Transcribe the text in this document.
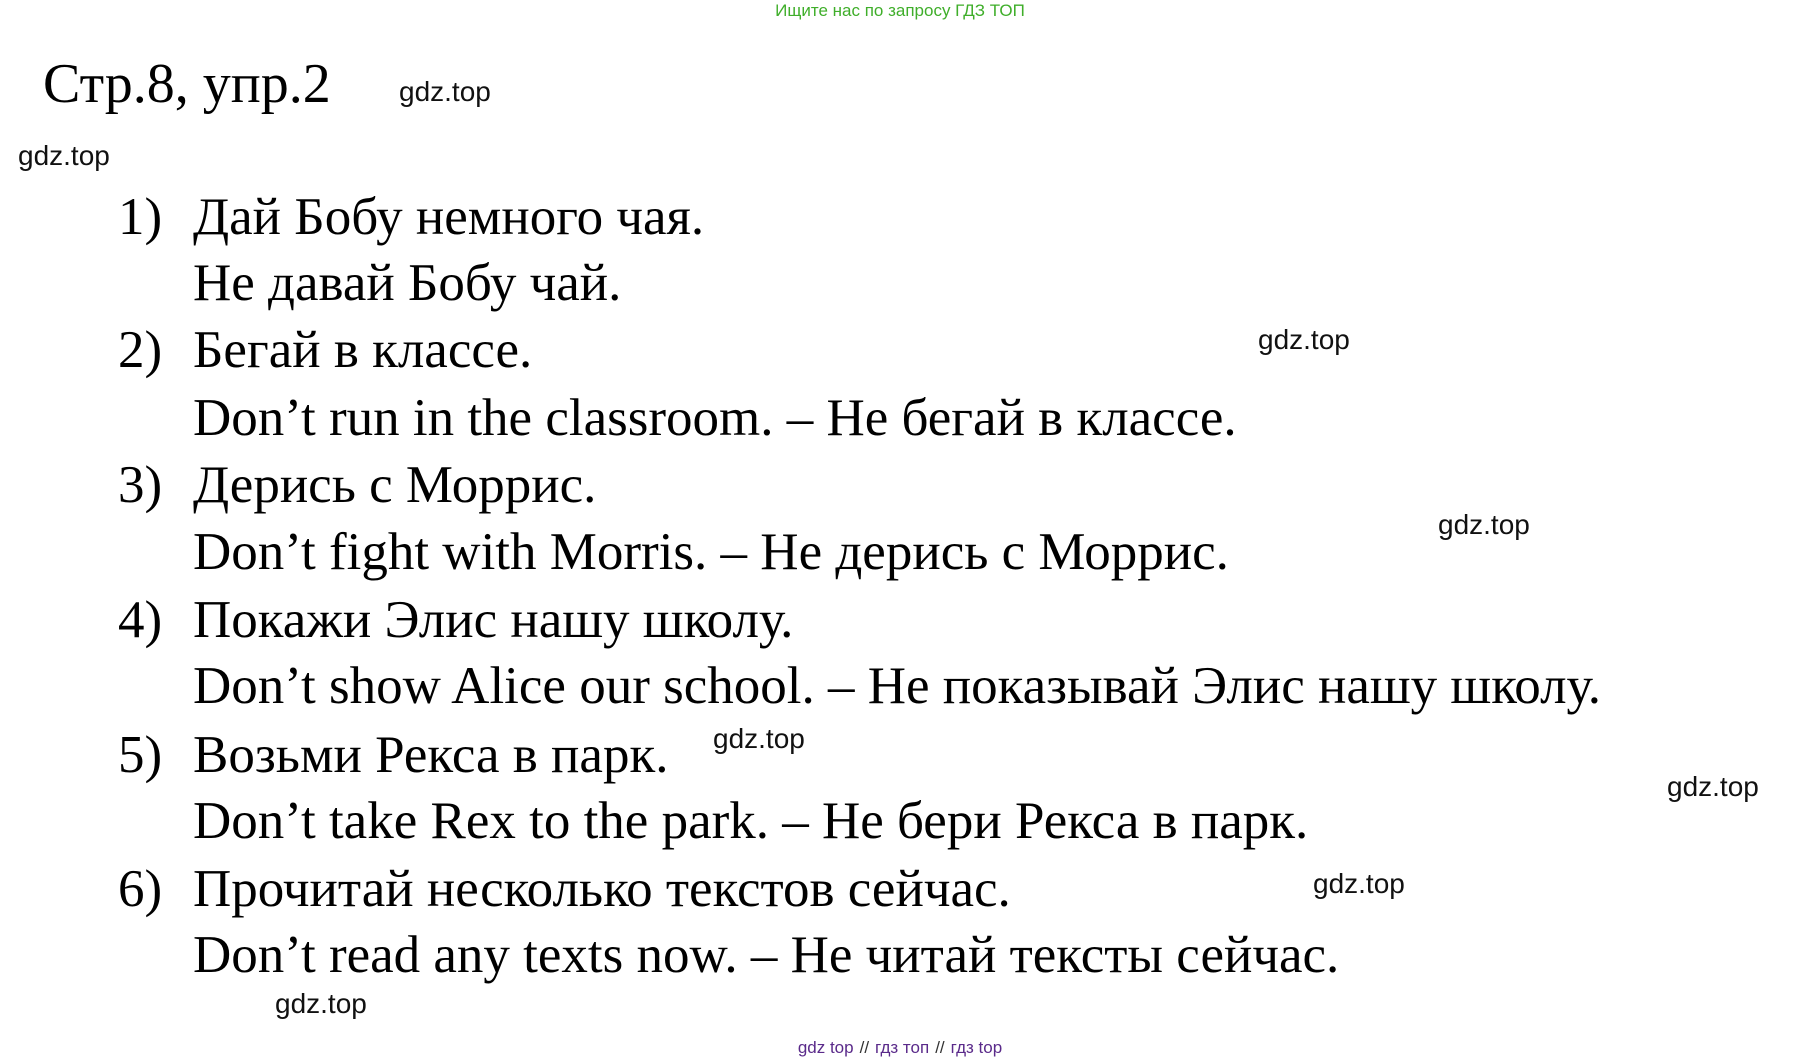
Ищите нас по запросу ГДЗ ТОП
Стр.8, упр.2 gdz.top
gdz.top
gdz.top
gdz.top
gdz.top
gdz.top
gdz.top
gdz.top
1) Дай Бобу немного чая.
Не давай Бобу чай.
2) Бегай в классе.
Don’t run in the classroom. – Не бегай в классе.
3) Дерись с Моррис.
Don’t fight with Morris. – Не дерись с Моррис.
4) Покажи Элис нашу школу.
Don’t show Alice our school. – Не показывай Элис нашу школу.
5) Возьми Рекса в парк.
Don’t take Rex to the park. – Не бери Рекса в парк.
6) Прочитай несколько текстов сейчас.
Don’t read any texts now. – Не читай тексты сейчас.
gdz top // гдз топ // гдз top
